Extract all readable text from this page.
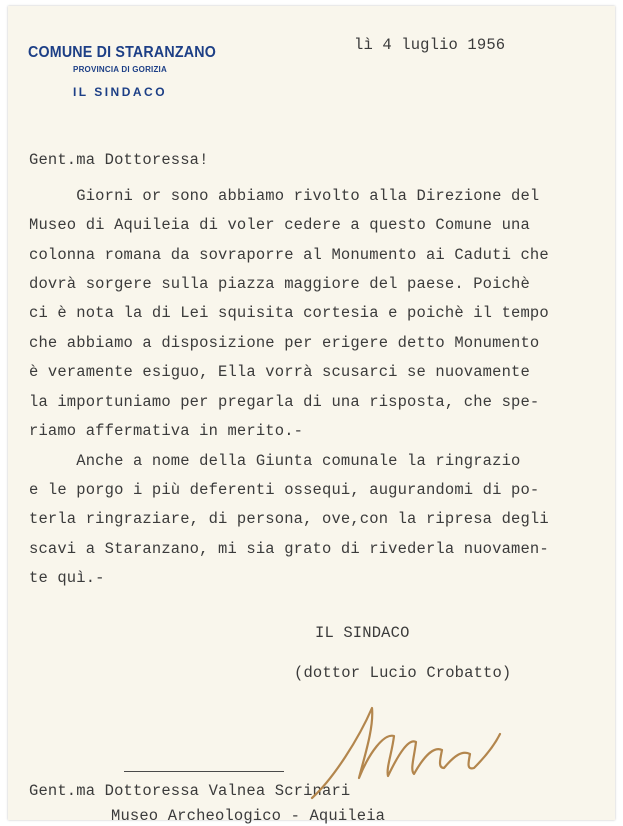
COMUNE DI STARANZANO
PROVINCIA DI GORIZIA
IL SINDACO
lì 4 luglio 1956
Gent.ma Dottoressa!
Giorni or sono abbiamo rivolto alla Direzione del
Museo di Aquileia di voler cedere a questo Comune una
colonna romana da sovraporre al Monumento ai Caduti che
dovrà sorgere sulla piazza maggiore del paese. Poichè
ci è nota la di Lei squisita cortesia e poichè il tempo
che abbiamo a disposizione per erigere detto Monumento
è veramente esiguo, Ella vorrà scusarci se nuovamente
la importuniamo per pregarla di una risposta, che spe-
riamo affermativa in merito.-
Anche a nome della Giunta comunale la ringrazio
e le porgo i più deferenti ossequi, augurandomi di po-
terla ringraziare, di persona, ove,con la ripresa degli
scavi a Staranzano, mi sia grato di rivederla nuovamen-
te quì.-
IL SINDACO
(dottor Lucio Crobatto)
Gent.ma Dottoressa Valnea Scrinari
Museo Archeologico - Aquileia
